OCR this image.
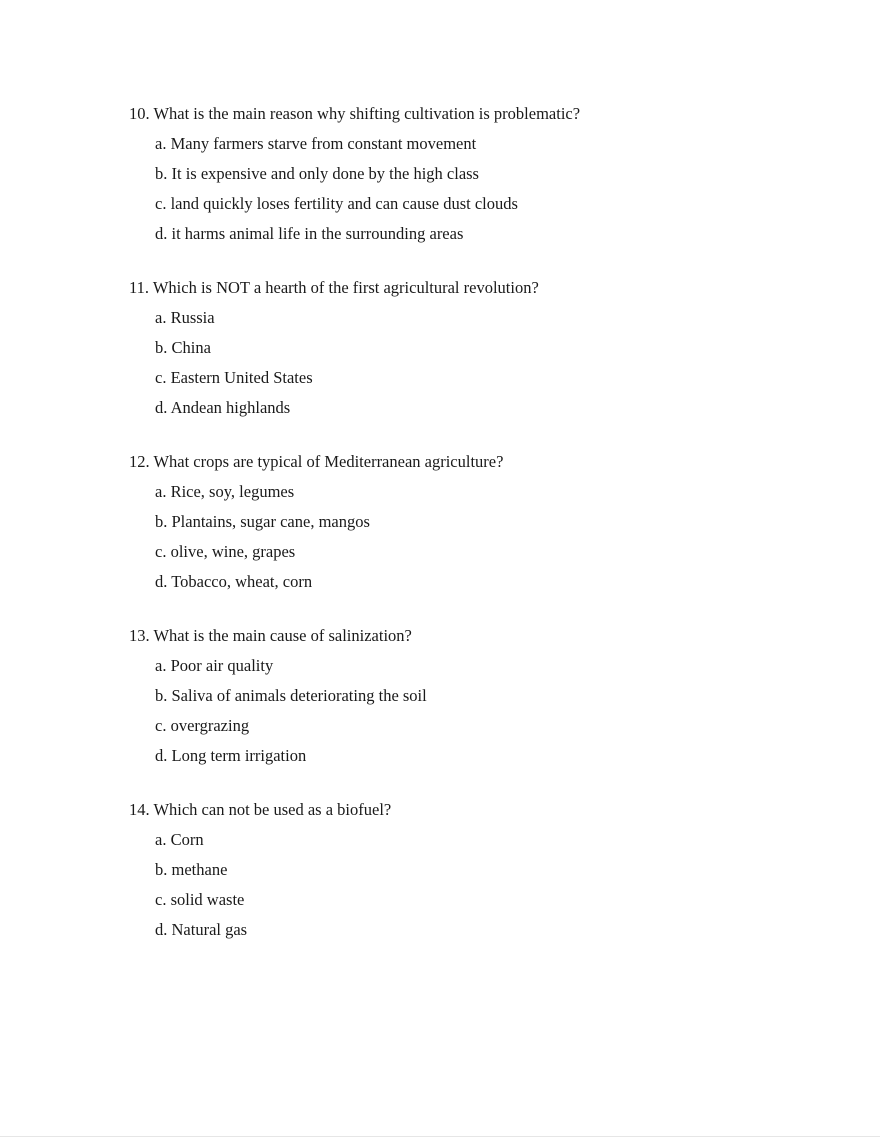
10. What is the main reason why shifting cultivation is problematic?
a. Many farmers starve from constant movement
b. It is expensive and only done by the high class
c. land quickly loses fertility and can cause dust clouds
d. it harms animal life in the surrounding areas
11. Which is NOT a hearth of the first agricultural revolution?
a. Russia
b. China
c. Eastern United States
d. Andean highlands
12. What crops are typical of Mediterranean agriculture?
a. Rice, soy, legumes
b. Plantains, sugar cane, mangos
c. olive, wine, grapes
d. Tobacco, wheat, corn
13. What is the main cause of salinization?
a. Poor air quality
b. Saliva of animals deteriorating the soil
c. overgrazing
d. Long term irrigation
14. Which can not be used as a biofuel?
a. Corn
b. methane
c. solid waste
d. Natural gas
